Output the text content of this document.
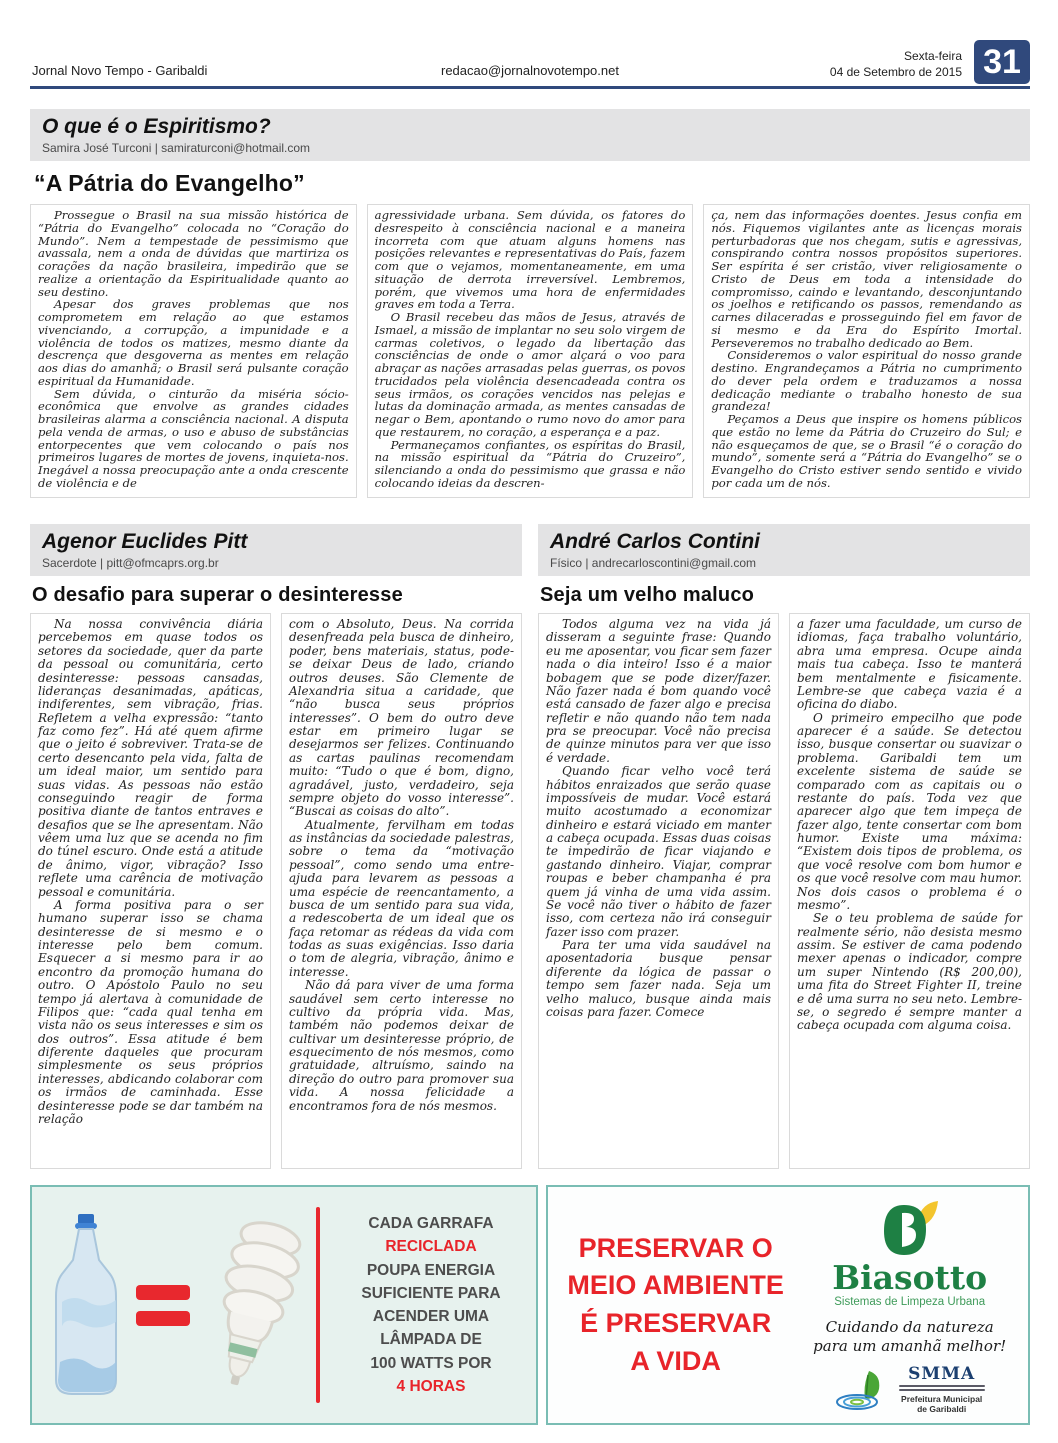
Jornal Novo Tempo - Garibaldi	redacao@jornalnovotempo.net
Sexta-feira
04 de Setembro de 2015 31
O que é o Espiritismo?
Samira José Turconi | samiraturconi@hotmail.com
“A Pátria do Evangelho”

Prossegue o Brasil na sua missão histórica de “Pátria do Evangelho” colocada no “Coração do Mundo”. Nem a tempestade de pessimismo que avassala, nem a onda de dúvidas que martiriza os corações da nação brasileira, impedirão que se realize a orientação da Espiritualidade quanto ao seu destino.

Apesar dos graves problemas que nos comprometem em relação ao que estamos vivenciando, a corrupção, a impunidade e a violência de todos os matizes, mesmo diante da descrença que desgoverna as mentes em relação aos dias do amanhã; o Brasil será pulsante coração espiritual da Humanidade.

Sem dúvida, o cinturão da miséria sócio-econômica que envolve as grandes cidades brasileiras alarma a consciência nacional. A disputa pela venda de armas, o uso e abuso de substâncias entorpecentes que vem colocando o país nos primeiros lugares de mortes de jovens, inquieta-nos. Inegável a nossa preocupação ante a onda crescente de violência e de

agressividade urbana. Sem dúvida, os fatores do desrespeito à consciência nacional e a maneira incorreta com que atuam alguns homens nas posições relevantes e representativas do País, fazem com que o vejamos, momentaneamente, em uma situação de derrota irreversível. Lembremos, porém, que vivemos uma hora de enfermidades graves em toda a Terra.

O Brasil recebeu das mãos de Jesus, através de Ismael, a missão de implantar no seu solo virgem de carmas coletivos, o legado da libertação das consciências de onde o amor alçará o voo para abraçar as nações arrasadas pelas guerras, os povos trucidados pela violência desencadeada contra os seus irmãos, os corações vencidos nas pelejas e lutas da dominação armada, as mentes cansadas de negar o Bem, apontando o rumo novo do amor para que restaurem, no coração, a esperança e a paz.

Permaneçamos confiantes, os espíritas do Brasil, na missão espiritual da “Pátria do Cruzeiro”, silenciando a onda do pessimismo que grassa e não colocando ideias da descren-

ça, nem das informações doentes. Jesus confia em nós. Fiquemos vigilantes ante as licenças morais perturbadoras que nos chegam, sutis e agressivas, conspirando contra nossos propósitos superiores. Ser espírita é ser cristão, viver religiosamente o Cristo de Deus em toda a intensidade do compromisso, caindo e levantando, desconjuntando os joelhos e retificando os passos, remendando as carnes dilaceradas e prosseguindo fiel em favor de si mesmo e da Era do Espírito Imortal. Perseveremos no trabalho dedicado ao Bem.

Consideremos o valor espiritual do nosso grande destino. Engrandeçamos a Pátria no cumprimento do dever pela ordem e traduzamos a nossa dedicação mediante o trabalho honesto de sua grandeza!

Peçamos a Deus que inspire os homens públicos que estão no leme da Pátria do Cruzeiro do Sul; e não esqueçamos de que, se o Brasil “é o coração do mundo”, somente será a “Pátria do Evangelho” se o Evangelho do Cristo estiver sendo sentido e vivido por cada um de nós.

Agenor Euclides Pitt
Sacerdote | pitt@ofmcaprs.org.br
O desafio para superar o desinteresse

Na nossa convivência diária percebemos em quase todos os setores da sociedade, quer da parte da pessoal ou comunitária, certo desinteresse: pessoas cansadas, lideranças desanimadas, apáticas, indiferentes, sem vibração, frias. Refletem a velha expressão: “tanto faz como fez”. Há até quem afirme que o jeito é sobreviver. Trata-se de certo desencanto pela vida, falta de um ideal maior, um sentido para suas vidas. As pessoas não estão conseguindo reagir de forma positiva diante de tantos entraves e desafios que se lhe apresentam. Não vêem uma luz que se acenda no fim do túnel escuro. Onde está a atitude de ânimo, vigor, vibração? Isso reflete uma carência de motivação pessoal e comunitária.

A forma positiva para o ser humano superar isso se chama desinteresse de si mesmo e o interesse pelo bem comum. Esquecer a si mesmo para ir ao encontro da promoção humana do outro. O Apóstolo Paulo no seu tempo já alertava à comunidade de Filipos que: “cada qual tenha em vista não os seus interesses e sim os dos outros”. Essa atitude é bem diferente daqueles que procuram simplesmente os seus próprios interesses, abdicando colaborar com os irmãos de caminhada. Esse desinteresse pode se dar também na relação

com o Absoluto, Deus. Na corrida desenfreada pela busca de dinheiro, poder, bens materiais, status, pode-se deixar Deus de lado, criando outros deuses. São Clemente de Alexandria situa a caridade, que “não busca seus próprios interesses”. O bem do outro deve estar em primeiro lugar se desejarmos ser felizes. Continuando as cartas paulinas recomendam muito: “Tudo o que é bom, digno, agradável, justo, verdadeiro, seja sempre objeto do vosso interesse”. “Buscai as coisas do alto”.

Atualmente, fervilham em todas as instâncias da sociedade palestras, sobre o tema da “motivação pessoal”, como sendo uma entre-ajuda para levarem as pessoas a uma espécie de reencantamento, a busca de um sentido para sua vida, a redescoberta de um ideal que os faça retomar as rédeas da vida com todas as suas exigências. Isso daria o tom de alegria, vibração, ânimo e interesse.

Não dá para viver de uma forma saudável sem certo interesse no cultivo da própria vida. Mas, também não podemos deixar de cultivar um desinteresse próprio, de esquecimento de nós mesmos, como gratuidade, altruísmo, saindo na direção do outro para promover sua vida. A nossa felicidade a encontramos fora de nós mesmos.

André Carlos Contini
Físico | andrecarloscontini@gmail.com
Seja um velho maluco

Todos alguma vez na vida já disseram a seguinte frase: Quando eu me aposentar, vou ficar sem fazer nada o dia inteiro! Isso é a maior bobagem que se pode dizer/fazer. Não fazer nada é bom quando você está cansado de fazer algo e precisa refletir e não quando não tem nada pra se preocupar. Você não precisa de quinze minutos para ver que isso é verdade.

Quando ficar velho você terá hábitos enraizados que serão quase impossíveis de mudar. Você estará muito acostumado a economizar dinheiro e estará viciado em manter a cabeça ocupada. Essas duas coisas te impedirão de ficar viajando e gastando dinheiro. Viajar, comprar roupas e beber champanha é pra quem já vinha de uma vida assim. Se você não tiver o hábito de fazer isso, com certeza não irá conseguir fazer isso com prazer.

Para ter uma vida saudável na aposentadoria busque pensar diferente da lógica de passar o tempo sem fazer nada. Seja um velho maluco, busque ainda mais coisas para fazer. Comece

a fazer uma faculdade, um curso de idiomas, faça trabalho voluntário, abra uma empresa. Ocupe ainda mais tua cabeça. Isso te manterá bem mentalmente e fisicamente. Lembre-se que cabeça vazia é a oficina do diabo.

O primeiro empecilho que pode aparecer é a saúde. Se detectou isso, busque consertar ou suavizar o problema. Garibaldi tem um excelente sistema de saúde se comparado com as capitais ou o restante do país. Toda vez que aparecer algo que tem impeça de fazer algo, tente consertar com bom humor. Existe uma máxima: “Existem dois tipos de problema, os que você resolve com bom humor e os que você resolve com mau humor. Nos dois casos o problema é o mesmo”.

Se o teu problema de saúde for realmente sério, não desista mesmo assim. Se estiver de cama podendo mexer apenas o indicador, compre um super Nintendo (R$ 200,00), uma fita do Street Fighter II, treine e dê uma surra no seu neto. Lembre-se, o segredo é sempre manter a cabeça ocupada com alguma coisa.

CADA GARRAFA
RECICLADA
POUPA ENERGIA
SUFICIENTE PARA
ACENDER UMA
LÂMPADA DE
100 WATTS POR
4 HORAS
PRESERVAR O
MEIO AMBIENTE
É PRESERVAR
A VIDA
Biasotto
Sistemas de Limpeza Urbana
Cuidando da natureza
para um amanhã melhor!
SMMA
Prefeitura Municipal
de Garibaldi
